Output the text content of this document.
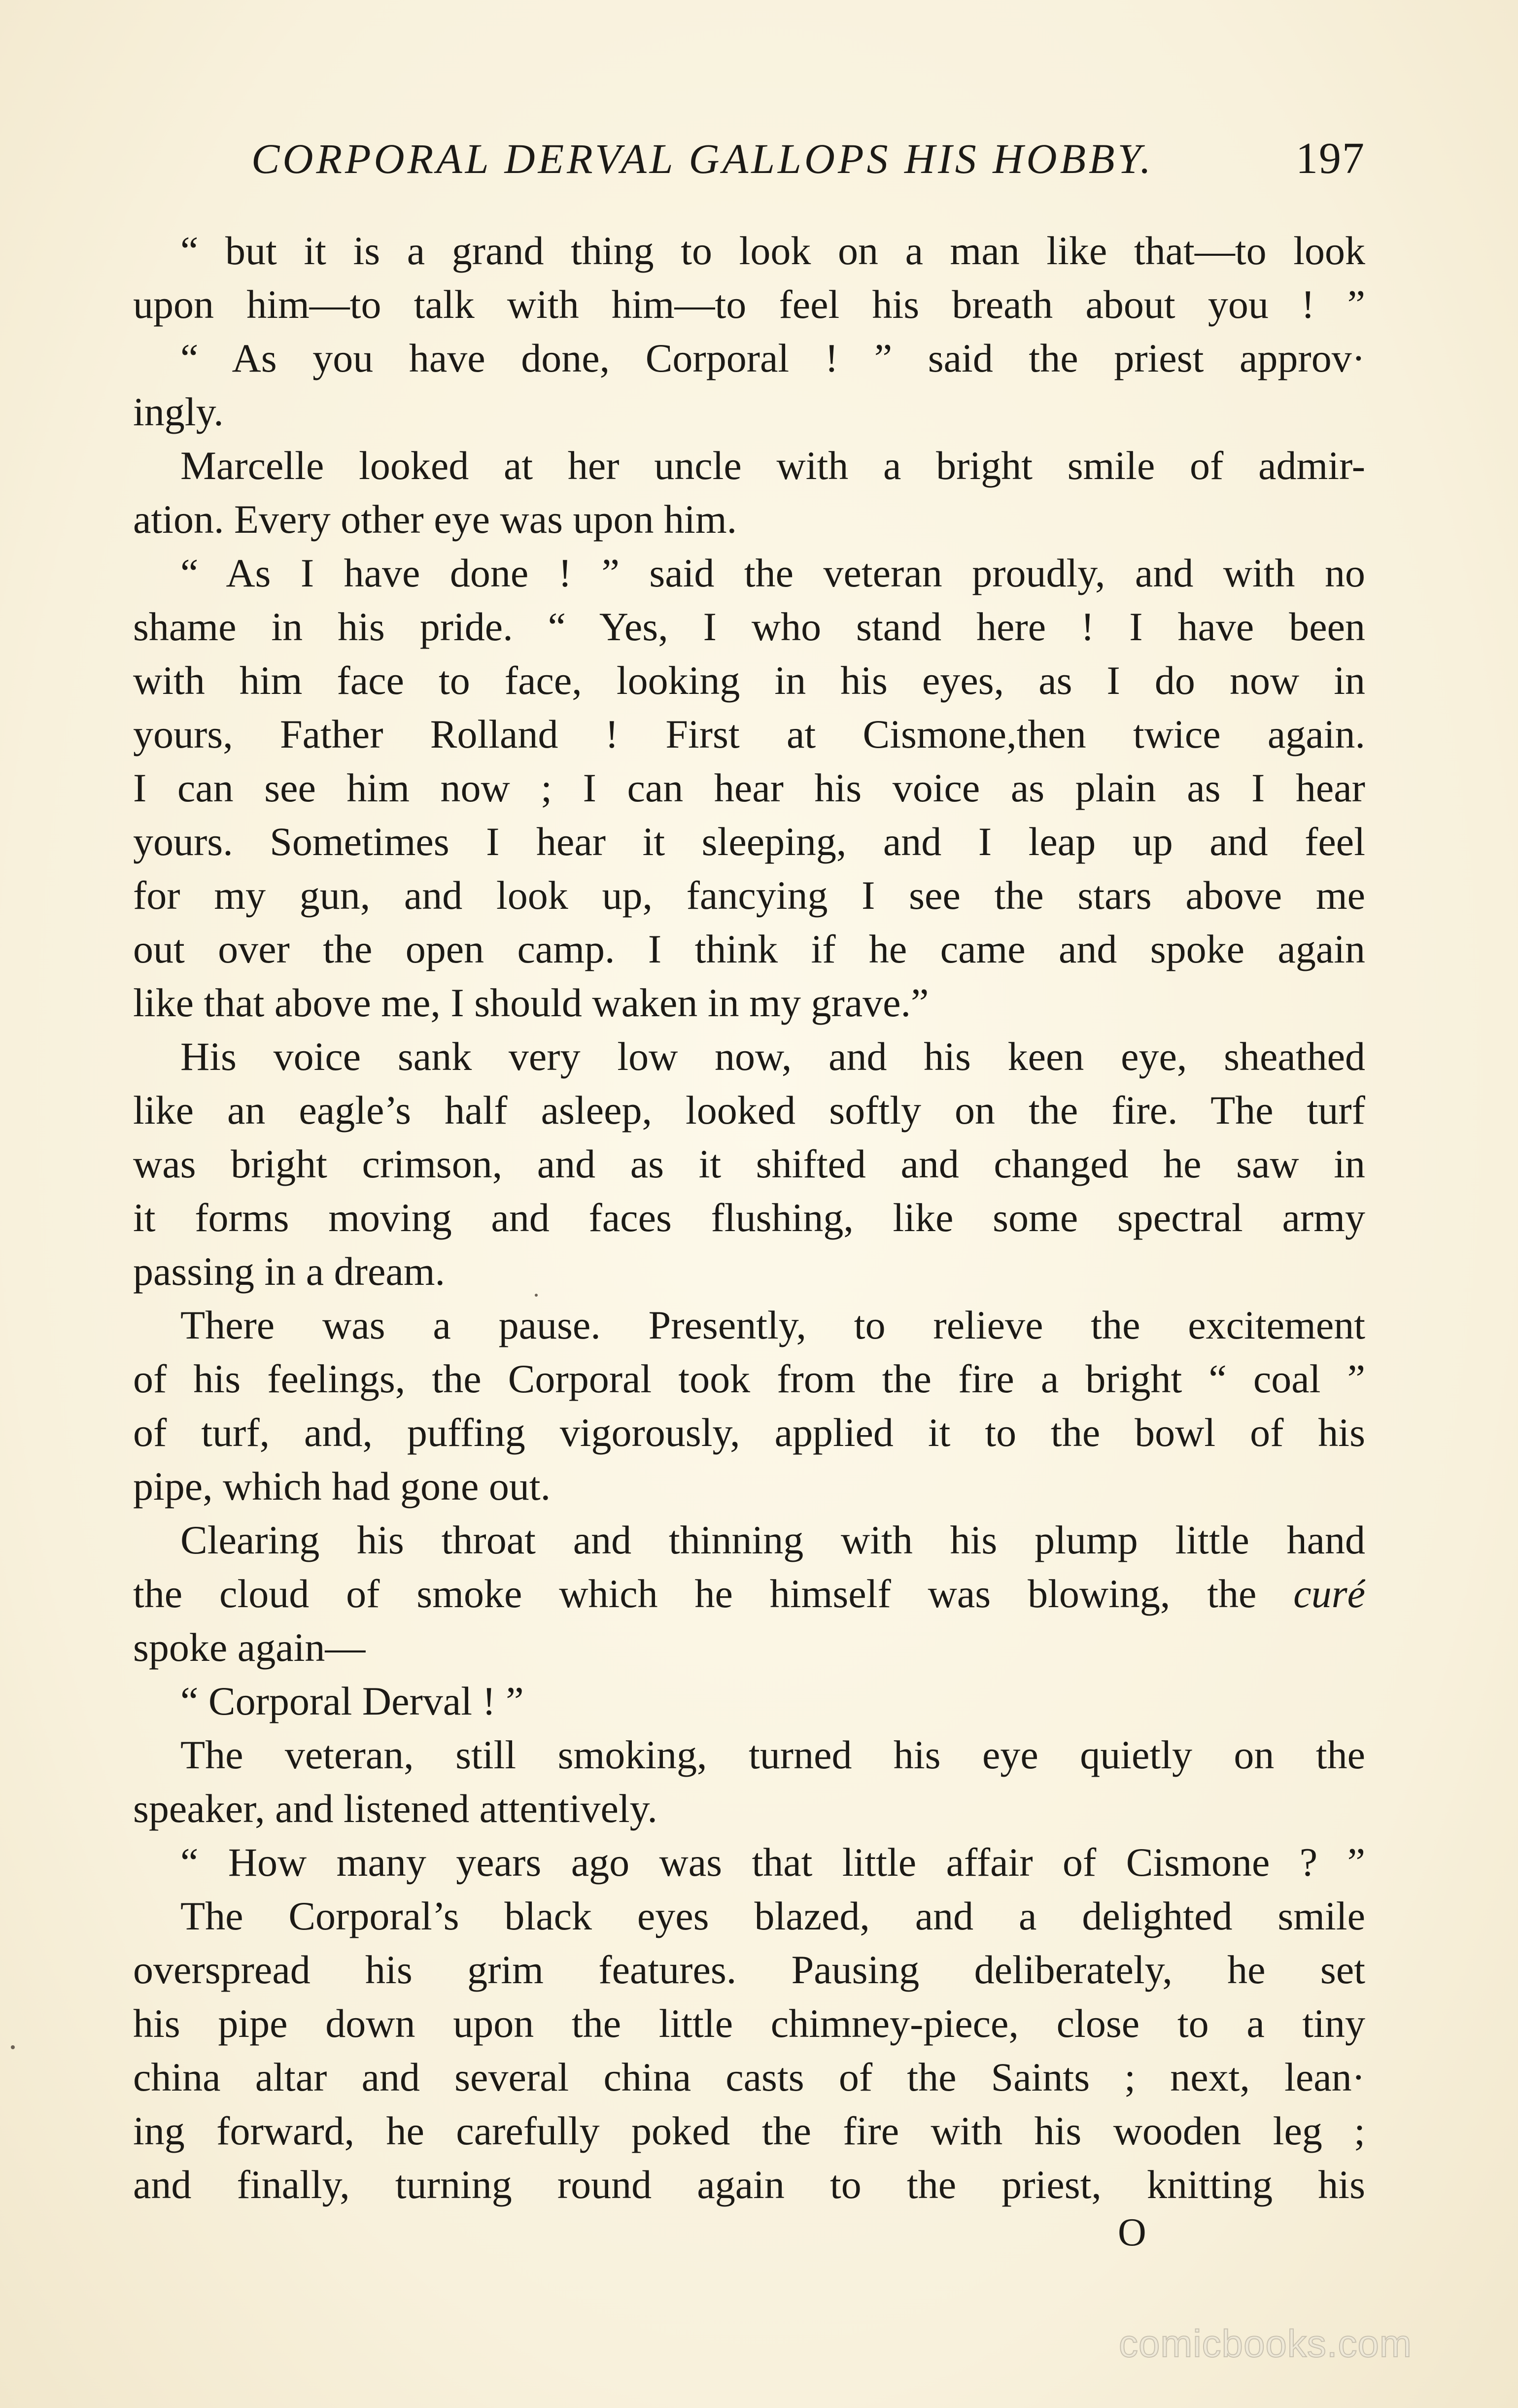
CORPORAL DERVAL GALLOPS HIS HOBBY.	197
“ but it is a grand thing to look on a man like that—to look
upon him—to talk with him—to feel his breath about you ! ”
“ As you have done, Corporal ! ” said the priest approv·
ingly.
Marcelle looked at her uncle with a bright smile of admir-
ation. Every other eye was upon him.
“ As I have done ! ” said the veteran proudly, and with no
shame in his pride. “ Yes, I who stand here ! I have been
with him face to face, looking in his eyes, as I do now in
yours, Father Rolland ! First at Cismone,then twice again.
I can see him now ; I can hear his voice as plain as I hear
yours. Sometimes I hear it sleeping, and I leap up and feel
for my gun, and look up, fancying I see the stars above me
out over the open camp. I think if he came and spoke again
like that above me, I should waken in my grave.”
His voice sank very low now, and his keen eye, sheathed
like an eagle’s half asleep, looked softly on the fire. The turf
was bright crimson, and as it shifted and changed he saw in
it forms moving and faces flushing, like some spectral army
passing in a dream.
There was a pause. Presently, to relieve the excitement
of his feelings, the Corporal took from the fire a bright “ coal ”
of turf, and, puffing vigorously, applied it to the bowl of his
pipe, which had gone out.
Clearing his throat and thinning with his plump little hand
the cloud of smoke which he himself was blowing, the curé
spoke again—
“ Corporal Derval ! ”
The veteran, still smoking, turned his eye quietly on the
speaker, and listened attentively.
“ How many years ago was that little affair of Cismone ? ”
The Corporal’s black eyes blazed, and a delighted smile
overspread his grim features. Pausing deliberately, he set
his pipe down upon the little chimney-piece, close to a tiny
china altar and several china casts of the Saints ; next, lean·
ing forward, he carefully poked the fire with his wooden leg ;
and finally, turning round again to the priest, knitting his
O
comicbooks.com
